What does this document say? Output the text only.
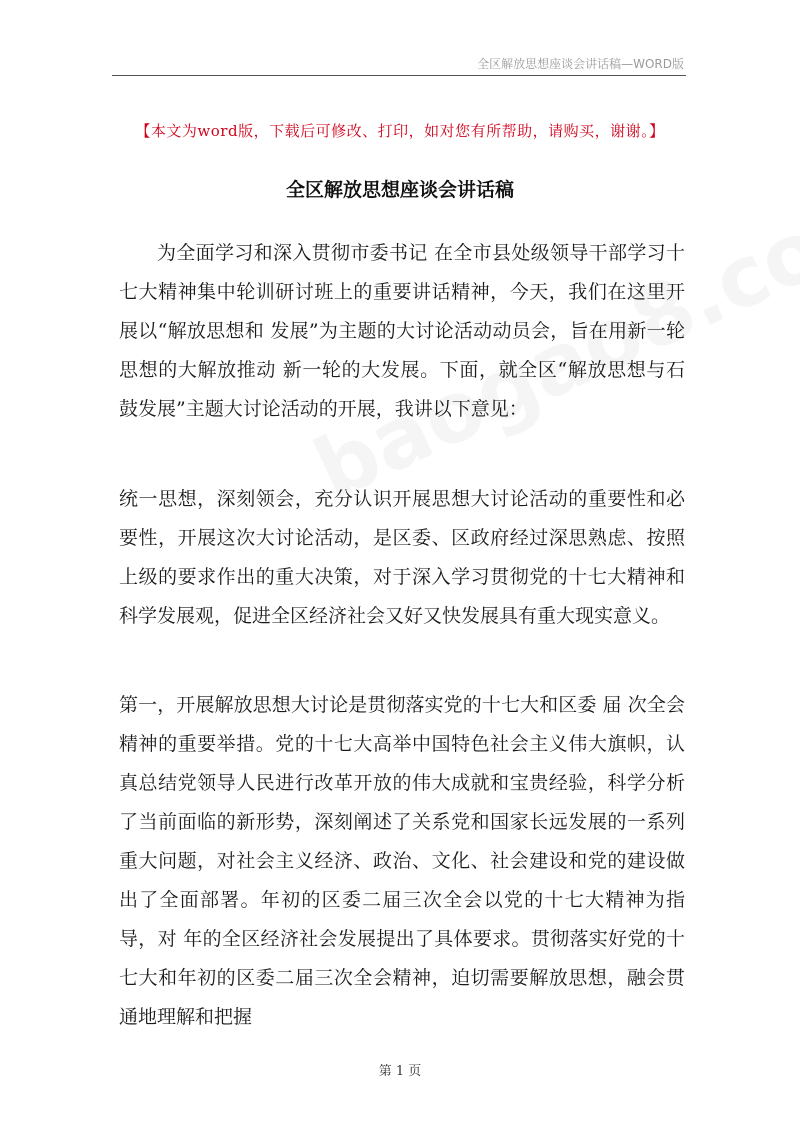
全区解放思想座谈会讲话稿—WORD版
【本文为word版，下载后可修改、打印，如对您有所帮助，请购买，谢谢。】
全区解放思想座谈会讲话稿

为全面学习和深入贯彻市委书记 在全市县处级领导干部学习十七大精神集中轮训研讨班上的重要讲话精神，今天，我们在这里开展以“解放思想和 发展”为主题的大讨论活动动员会，旨在用新一轮思想的大解放推动 新一轮的大发展。下面，就全区“解放思想与石鼓发展”主题大讨论活动的开展，我讲以下意见：

统一思想，深刻领会，充分认识开展思想大讨论活动的重要性和必要性，开展这次大讨论活动，是区委、区政府经过深思熟虑、按照上级的要求作出的重大决策，对于深入学习贯彻党的十七大精神和科学发展观，促进全区经济社会又好又快发展具有重大现实意义。

第一，开展解放思想大讨论是贯彻落实党的十七大和区委 届 次全会精神的重要举措。党的十七大高举中国特色社会主义伟大旗帜，认真总结党领导人民进行改革开放的伟大成就和宝贵经验，科学分析了当前面临的新形势，深刻阐述了关系党和国家长远发展的一系列重大问题，对社会主义经济、政治、文化、社会建设和党的建设做出了全面部署。年初的区委二届三次全会以党的十七大精神为指导，对 年的全区经济社会发展提出了具体要求。贯彻落实好党的十七大和年初的区委二届三次全会精神，迫切需要解放思想，融会贯通地理解和把握

第 1 页
